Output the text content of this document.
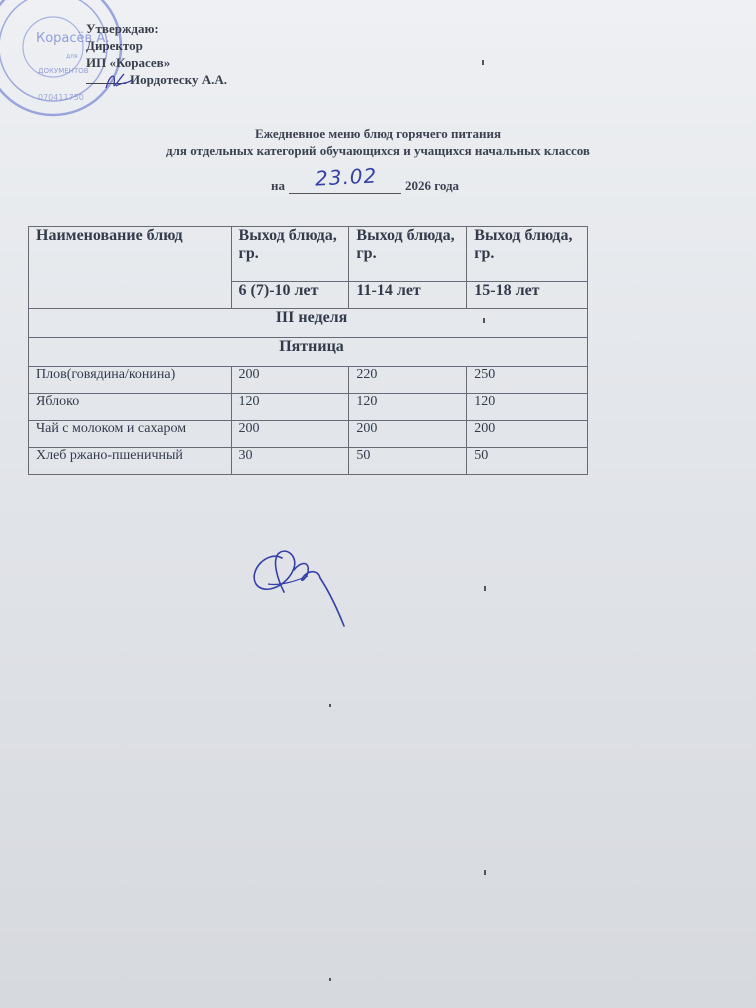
Корасёв А.
для
ДОКУМЕНТОВ
070411750
Утверждаю:
Директор
ИП «Корасев»
Иордотеску А.А.
Ежедневное меню блюд горячего питания
для отдельных категорий обучающихся и учащихся начальных классов
на 23.02 2026 года
Наименование блюд	Выход блюда, гр.	Выход блюда, гр.	Выход блюда, гр.
	6 (7)-10 лет	11-14 лет	15-18 лет
III неделя			
Пятница			
Плов(говядина/конина)	200	220	250
Яблоко	120	120	120
Чай с молоком и сахаром	200	200	200
Хлеб ржано-пшеничный	30	50	50
